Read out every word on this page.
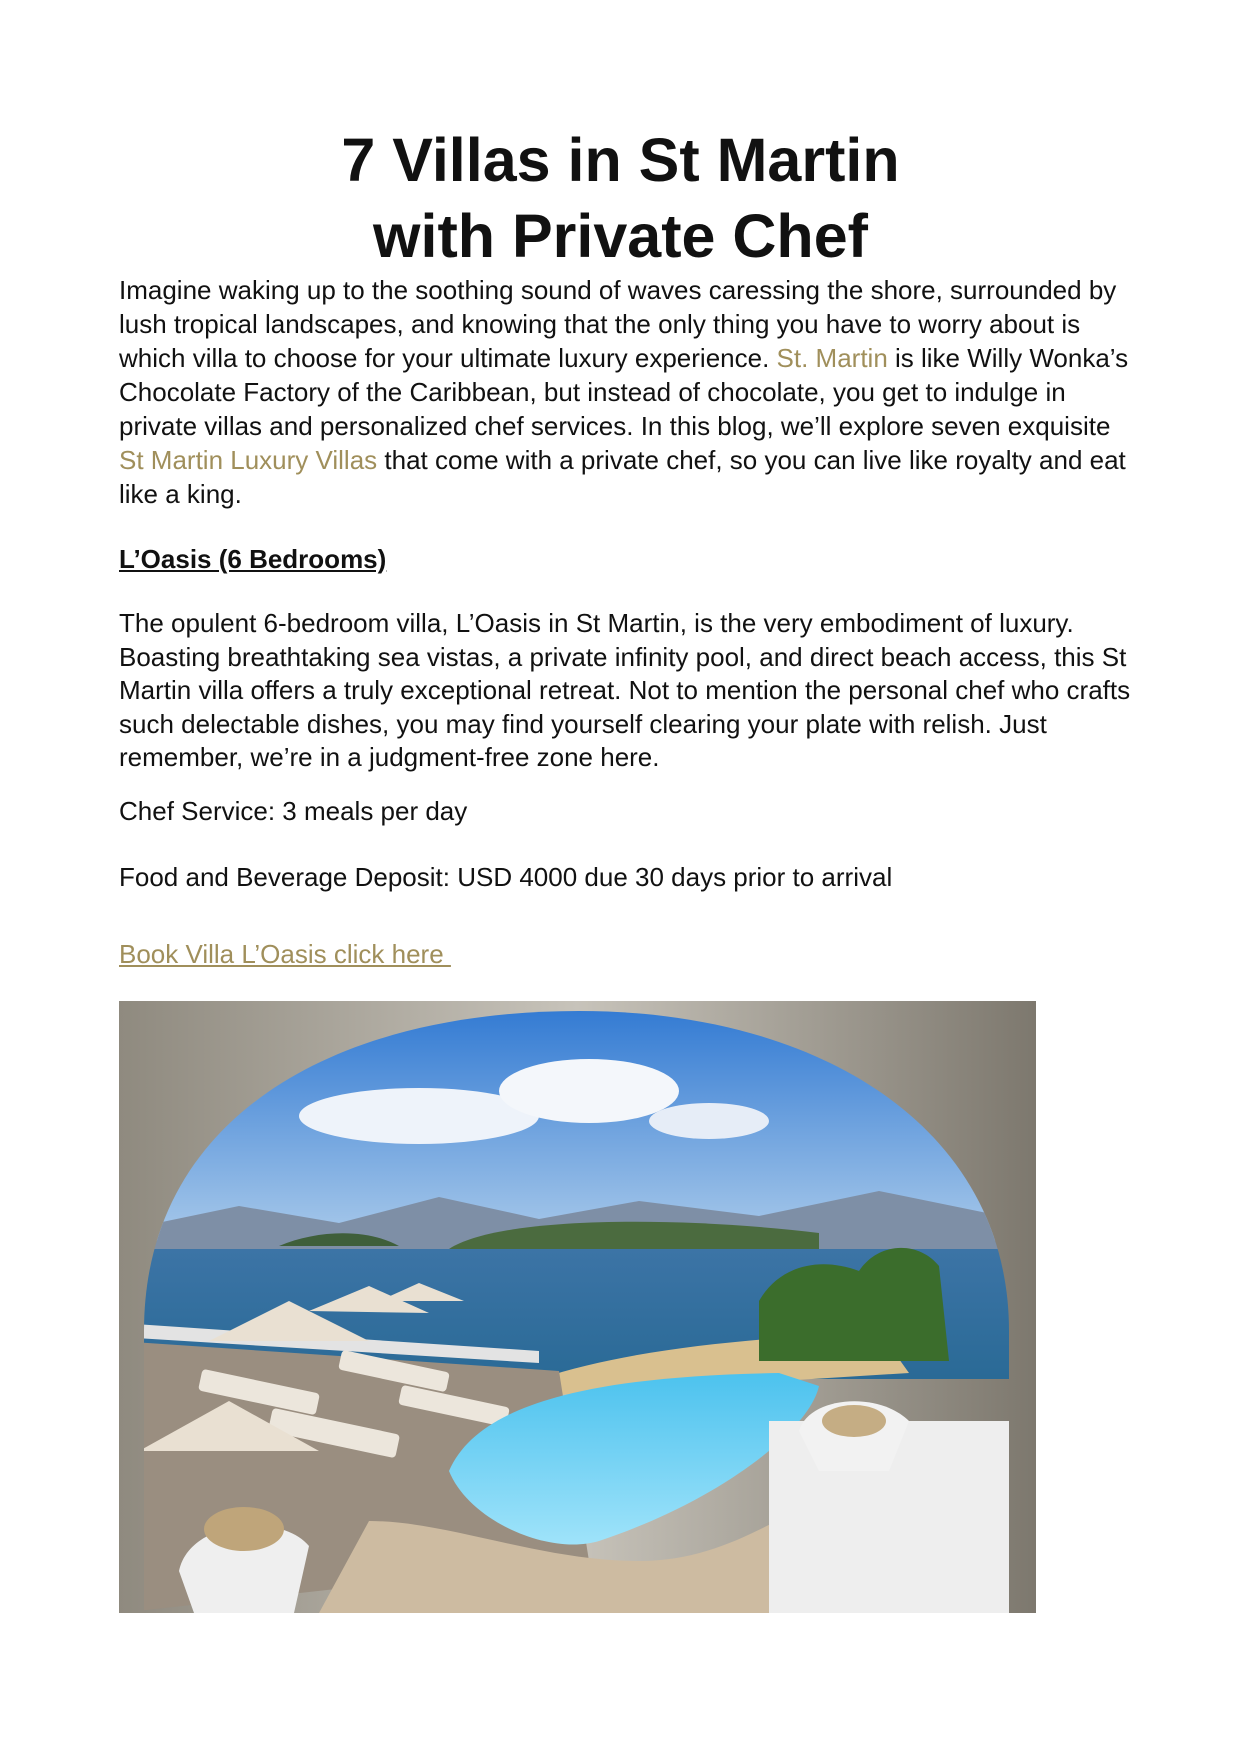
7 Villas in St Martin
with Private Chef

Imagine waking up to the soothing sound of waves caressing the shore, surrounded by lush tropical landscapes, and knowing that the only thing you have to worry about is which villa to choose for your ultimate luxury experience. St. Martin is like Willy Wonka’s Chocolate Factory of the Caribbean, but instead of chocolate, you get to indulge in private villas and personalized chef services. In this blog, we’ll explore seven exquisite St Martin Luxury Villas that come with a private chef, so you can live like royalty and eat like a king.

L’Oasis (6 Bedrooms)

The opulent 6-bedroom villa, L’Oasis in St Martin, is the very embodiment of luxury. Boasting breathtaking sea vistas, a private infinity pool, and direct beach access, this St Martin villa offers a truly exceptional retreat. Not to mention the personal chef who crafts such delectable dishes, you may find yourself clearing your plate with relish. Just remember, we’re in a judgment-free zone here.

Chef Service: 3 meals per day

Food and Beverage Deposit: USD 4000 due 30 days prior to arrival

Book Villa L’Oasis click here
